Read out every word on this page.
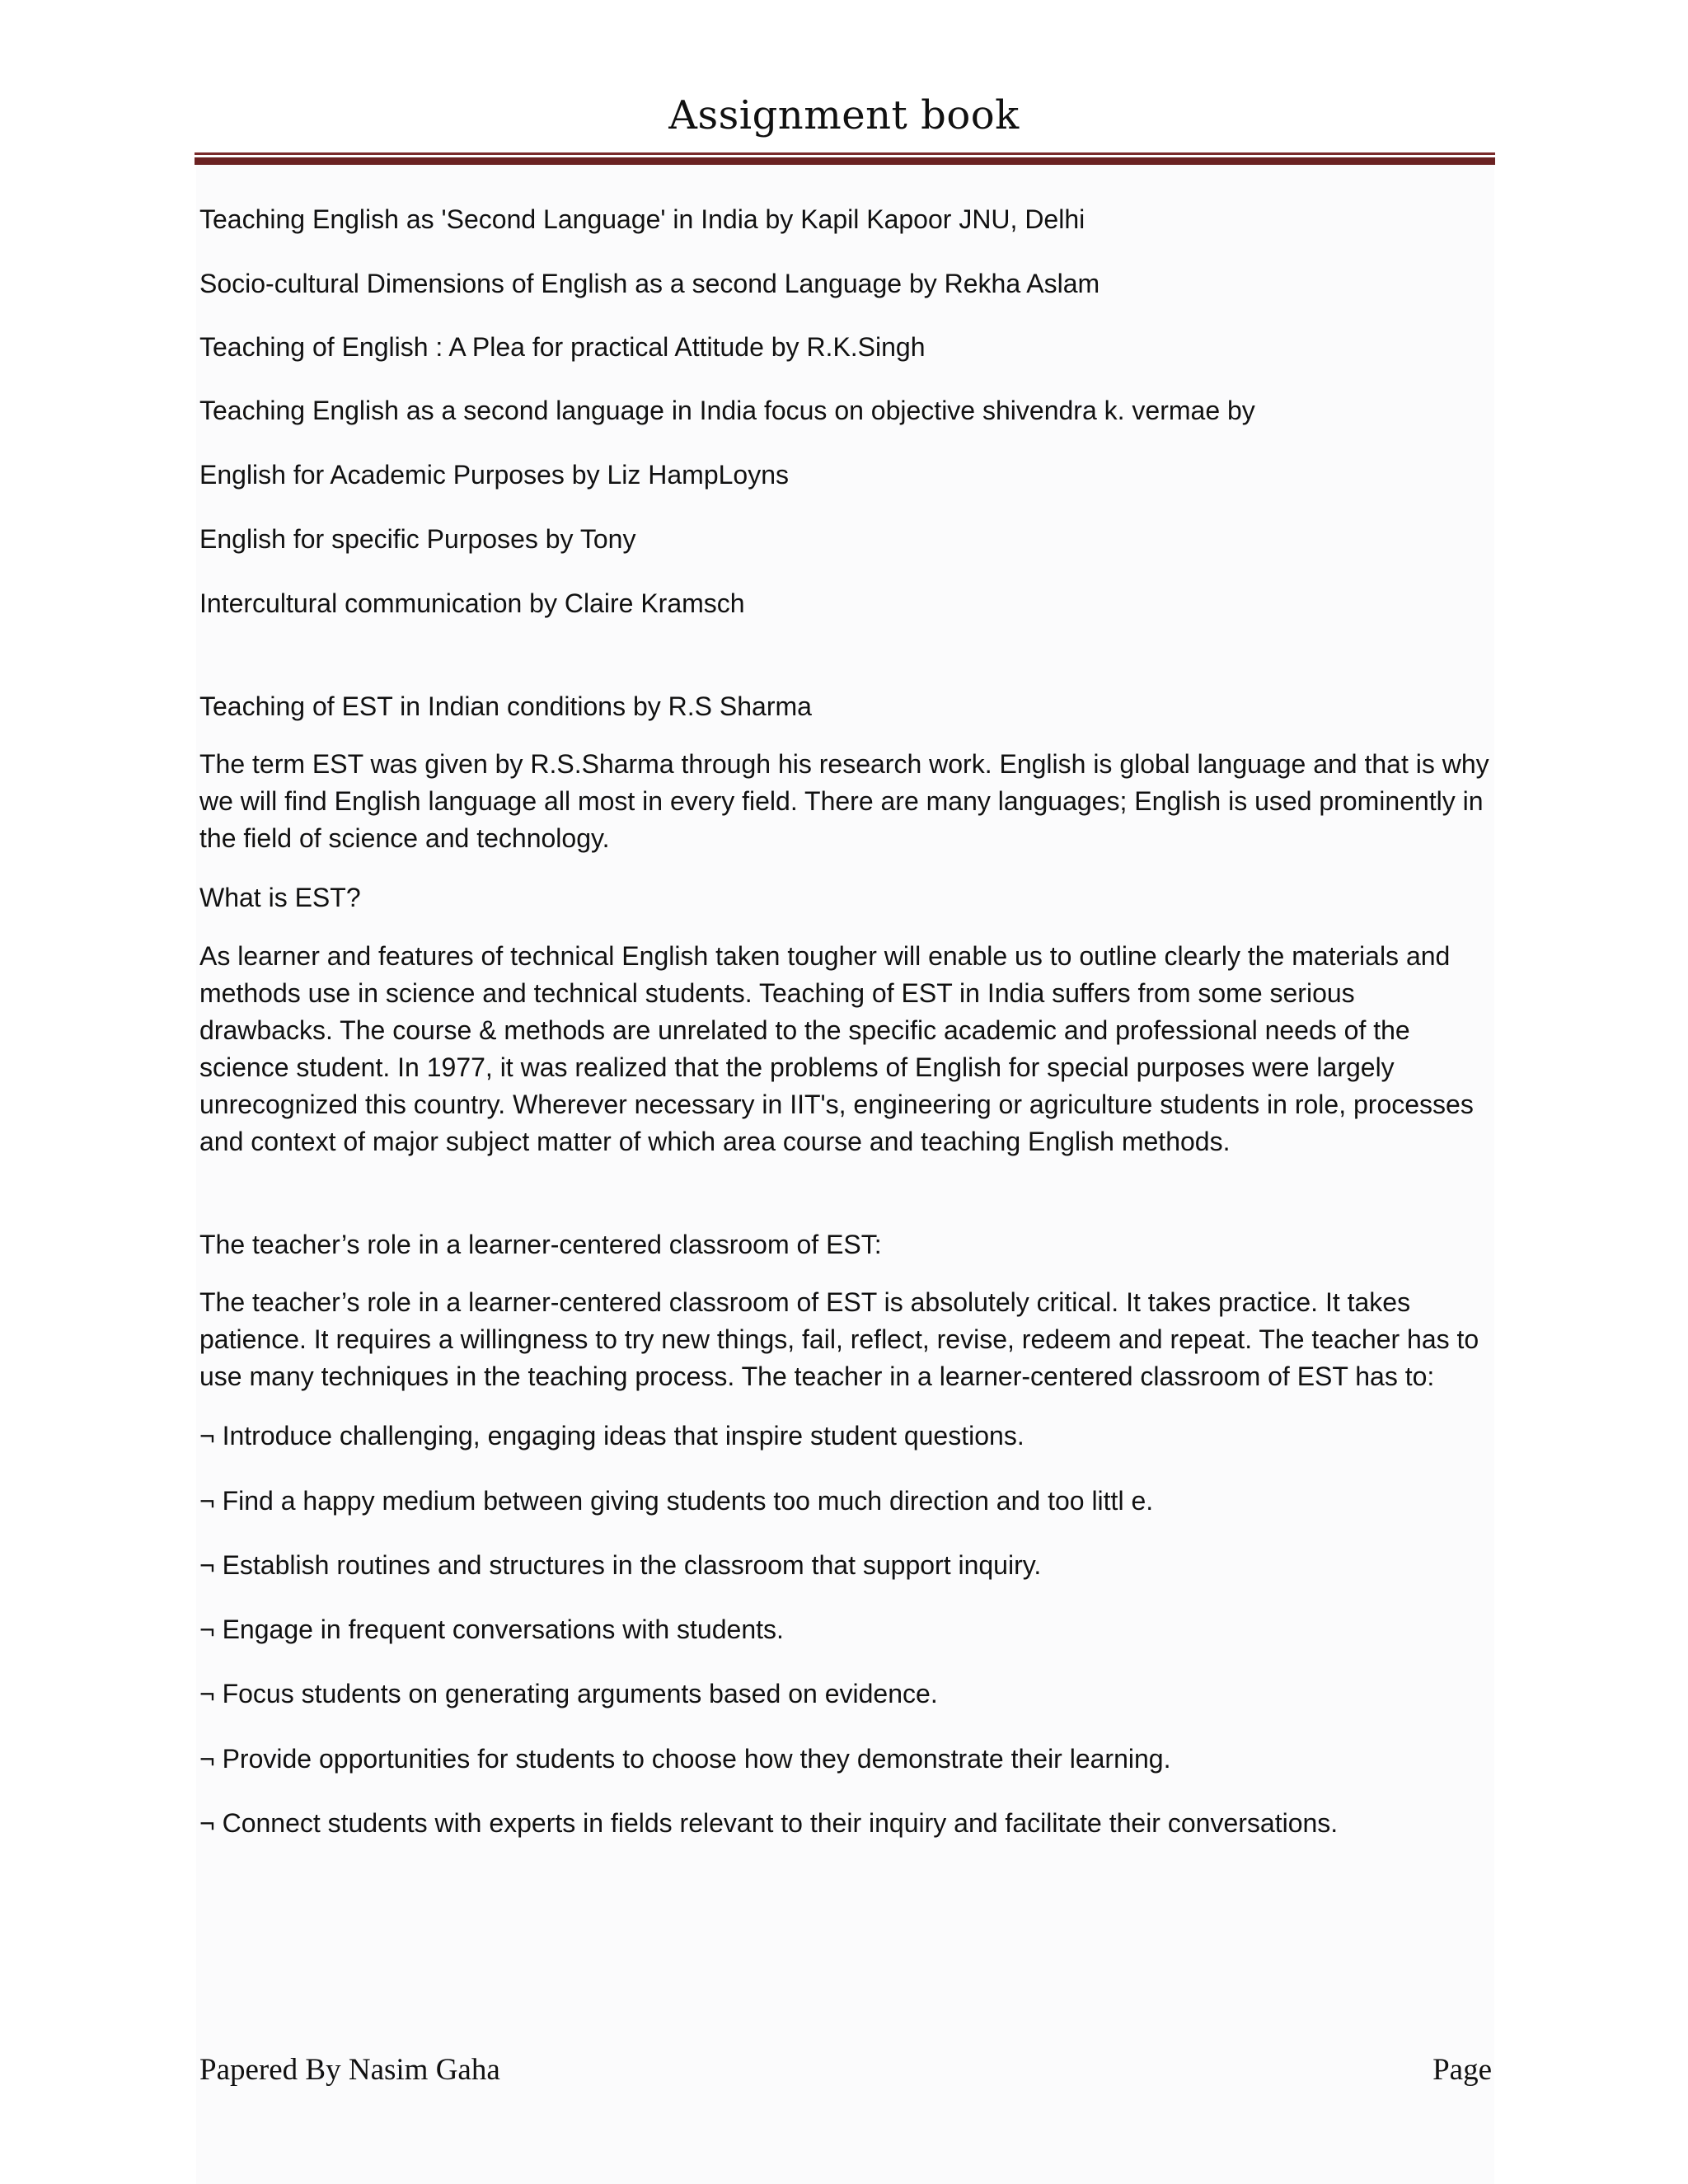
Assignment book

Teaching English as 'Second Language' in India by Kapil Kapoor JNU, Delhi

Socio-cultural Dimensions of English as a second Language by Rekha Aslam

Teaching of English : A Plea for practical Attitude by R.K.Singh

Teaching English as a second language in India focus on objective shivendra k. vermae by

English for Academic Purposes by Liz HampLoyns

English for specific Purposes by Tony

Intercultural communication by Claire Kramsch

Teaching of EST in Indian conditions by R.S Sharma

The term EST was given by R.S.Sharma through his research work. English is global language and that is why we will find English language all most in every field. There are many languages; English is used prominently in the field of science and technology.

What is EST?

As learner and features of technical English taken tougher will enable us to outline clearly the materials and methods use in science and technical students. Teaching of EST in India suffers from some serious drawbacks. The course & methods are unrelated to the specific academic and professional needs of the science student. In 1977, it was realized that the problems of English for special purposes were largely unrecognized this country. Wherever necessary in IIT's, engineering or agriculture students in role, processes and context of major subject matter of which area course and teaching English methods.

The teacher’s role in a learner-centered classroom of EST:

The teacher’s role in a learner-centered classroom of EST is absolutely critical. It takes practice. It takes patience. It requires a willingness to try new things, fail, reflect, revise, redeem and repeat. The teacher has to use many techniques in the teaching process. The teacher in a learner-centered classroom of EST has to:

¬ Introduce challenging, engaging ideas that inspire student questions.

¬ Find a happy medium between giving students too much direction and too littl e.

¬ Establish routines and structures in the classroom that support inquiry.

¬ Engage in frequent conversations with students.

¬ Focus students on generating arguments based on evidence.

¬ Provide opportunities for students to choose how they demonstrate their learning.

¬ Connect students with experts in fields relevant to their inquiry and facilitate their conversations.

Papered By Nasim Gaha	Page
